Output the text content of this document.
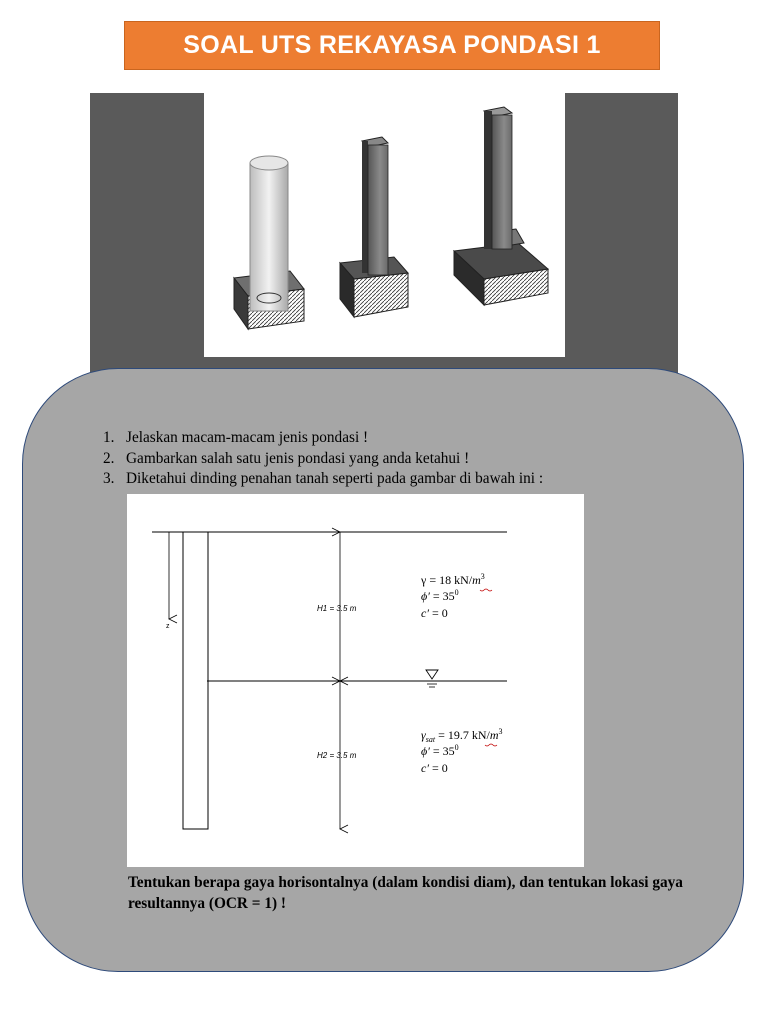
SOAL UTS REKAYASA PONDASI 1
1. Jelaskan macam-macam jenis pondasi !
2. Gambarkan salah satu jenis pondasi yang anda ketahui !
3. Diketahui dinding penahan tanah seperti pada gambar di bawah ini :
z
H1 = 3.5 m
H2 = 3.5 m
γ = 18 $kN/m^3$
$\phi' = 35^0$
c′ = 0
$\gamma_{sat} = 19.7$ $kN/m^3$
$\phi' = 35^0$
c′ = 0
Tentukan berapa gaya horisontalnya (dalam kondisi diam), dan tentukan lokasi gaya resultannya (OCR = 1) !
